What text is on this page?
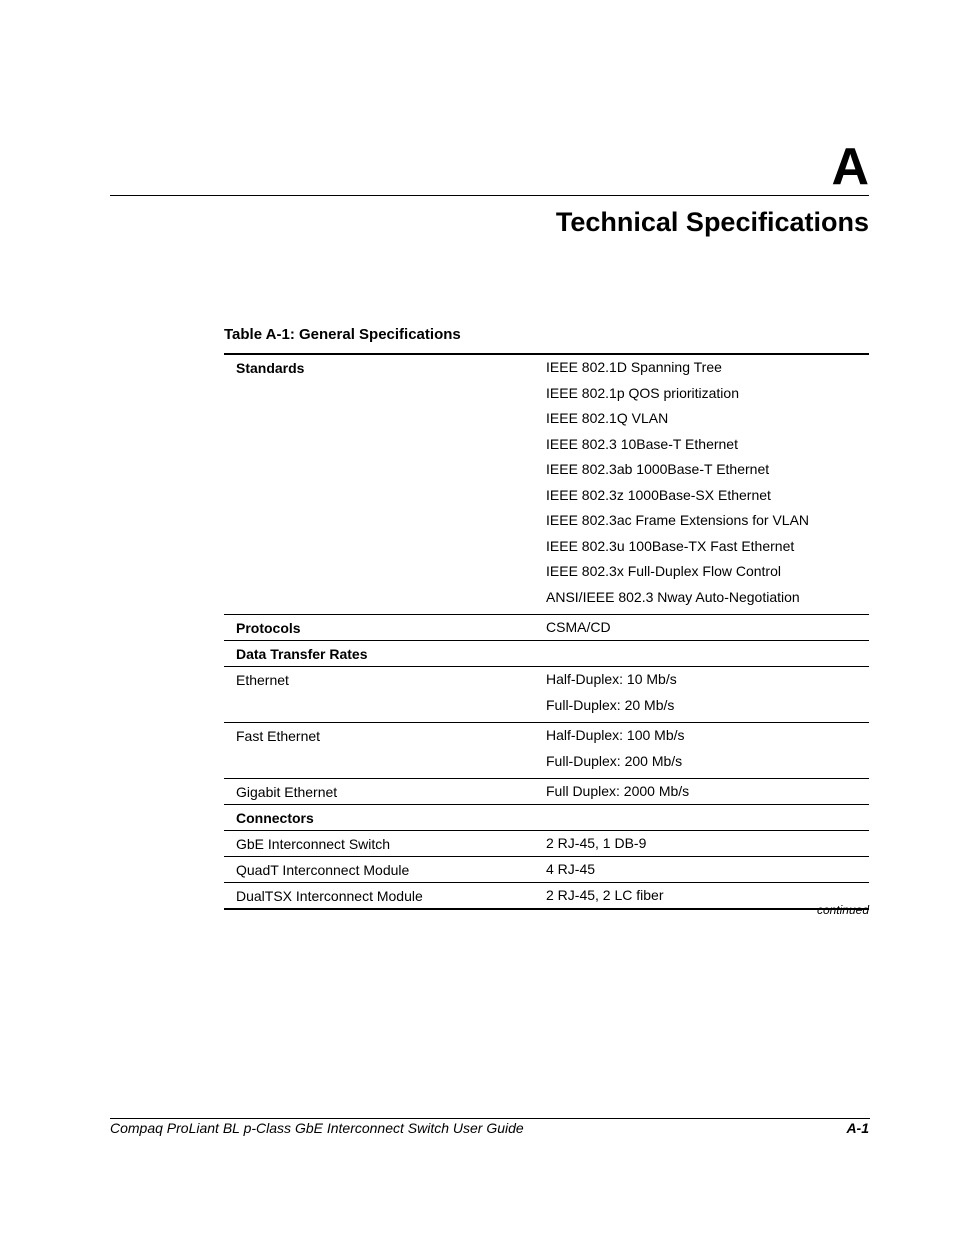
A
Technical Specifications
Table A-1: General Specifications
Standards	IEEE 802.1D Spanning Tree
IEEE 802.1p QOS prioritization
IEEE 802.1Q VLAN
IEEE 802.3 10Base-T Ethernet
IEEE 802.3ab 1000Base-T Ethernet
IEEE 802.3z 1000Base-SX Ethernet
IEEE 802.3ac Frame Extensions for VLAN
IEEE 802.3u 100Base-TX Fast Ethernet
IEEE 802.3x Full-Duplex Flow Control
ANSI/IEEE 802.3 Nway Auto-Negotiation
Protocols	CSMA/CD
Data Transfer Rates
Ethernet	Half-Duplex: 10 Mb/s
Full-Duplex: 20 Mb/s
Fast Ethernet	Half-Duplex: 100 Mb/s
Full-Duplex: 200 Mb/s
Gigabit Ethernet	Full Duplex: 2000 Mb/s
Connectors
GbE Interconnect Switch	2 RJ-45, 1 DB-9
QuadT Interconnect Module	4 RJ-45
DualTSX Interconnect Module	2 RJ-45, 2 LC fiber
continued
Compaq ProLiant BL p-Class GbE Interconnect Switch User Guide	A-1
